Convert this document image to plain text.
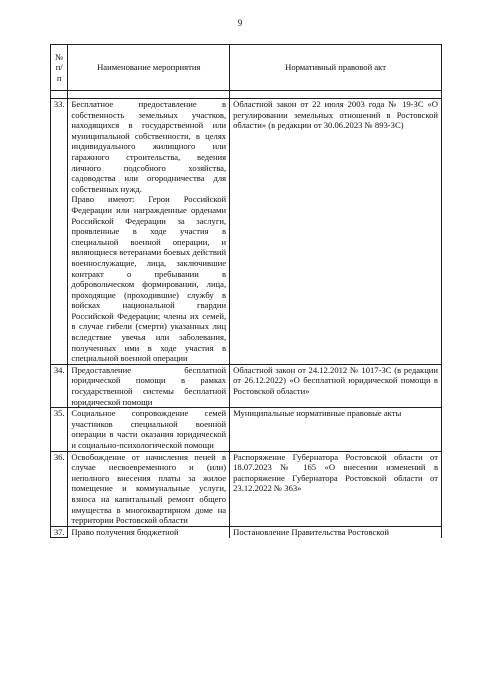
9
№
п/
п	Наименование мероприятия	Нормативный правовой акт

33.	Бесплатное предоставление в собственность земельных участков, находящихся в государственной или муниципальной собственности, в целях индивидуального жилищного или гаражного строительства, ведения личного подсобного хозяйства, садоводства или огородничества для собственных нужд.
Право имеют: Герои Российской Федерации или награжденные орденами Российской Федерации за заслуги, проявленные в ходе участия в специальной военной операции, и являющиеся ветеранами боевых действий военнослужащие, лица, заключившие контракт о пребывании в добровольческом формировании, лица, проходящие (проходившие) службу в войсках национальной гвардии Российской Федерации; члены их семей, в случае гибели (смерти) указанных лиц вследствие увечья или заболевания, полученных ими в ходе участия в специальной военной операции	Областной закон от 22 июля 2003 года № 19-ЗС «О регулировании земельных отношений в Ростовской области» (в редакции от 30.06.2023 № 893-ЗС)
34.	Предоставление бесплатной юридической помощи в рамках государственной системы бесплатной юридической помощи	Областной закон от 24.12.2012 № 1017-ЗС (в редакции от 26.12.2022) «О бесплатной юридической помощи в Ростовской области»
35.	Социальное сопровождение семей участников специальной военной операции в части оказания юридической и социально-психологической помощи	Муниципальные нормативные правовые акты
36.	Освобождение от начисления пеней в случае несвоевременного и (или) неполного внесения платы за жилое помещение и коммунальные услуги, взноса на капитальный ремонт общего имущества в многоквартирном доме на территории Ростовской области	Распоряжение Губернатора Ростовской области от 18.07.2023 № 165 «О внесении изменений в распоряжение Губернатора Ростовской области от 23.12.2022 № 363»
37.	Право получения бюджетной	Постановление Правительства Ростовской
